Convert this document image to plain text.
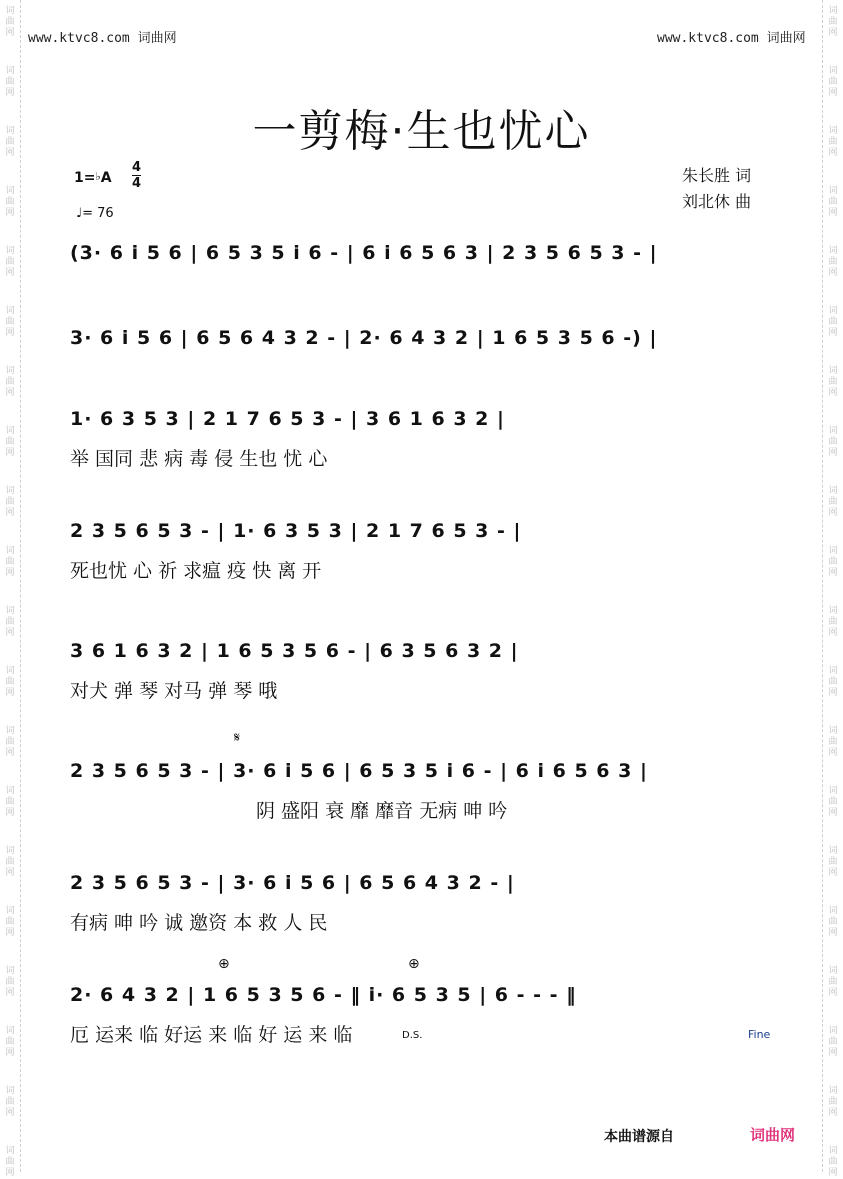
词
曲
网
词
曲
网
词
曲
网
词
曲
网
词
曲
网
词
曲
网
词
曲
网
词
曲
网
词
曲
网
词
曲
网
词
曲
网
词
曲
网
词
曲
网
词
曲
网
词
曲
网
词
曲
网
词
曲
网
词
曲
网
词
曲
网
词
曲
网
词
曲
网
词
曲
网
词
曲
网
词
曲
网
词
曲
网
词
曲
网
词
曲
网
词
曲
网
词
曲
网
词
曲
网
词
曲
网
词
曲
网
词
曲
网
词
曲
网
词
曲
网
词
曲
网
词
曲
网
词
曲
网
词
曲
网
词
曲
网
www.ktvc8.com 词曲网	www.ktvc8.com 词曲网
一剪梅·生也忧心
1=♭A
4
4
♩= 76
朱长胜 词
刘北休 曲
(3· 6 i 5 6 | 6 5 3 5 i 6 - | 6 i 6 5 6 3 | 2 3 5 6 5 3 - |
3· 6 i 5 6 | 6 5 6 4 3 2 - | 2· 6 4 3 2 | 1 6 5 3 5 6 -) |
1· 6 3 5 3 | 2 1 7 6 5 3 - | 3 6 1 6 3 2 |
举 国同 悲 病 毒 侵 生也 忧 心
2 3 5 6 5 3 - | 1· 6 3 5 3 | 2 1 7 6 5 3 - |
死也忧 心 祈 求瘟 疫 快 离 开
3 6 1 6 3 2 | 1 6 5 3 5 6 - | 6 3 5 6 3 2 |
对犬 弹 琴 对马 弹 琴 哦
𝄋
2 3 5 6 5 3 - | 3· 6 i 5 6 | 6 5 3 5 i 6 - | 6 i 6 5 6 3 |
阴 盛阳 衰 靡 靡音 无病 呻 吟
2 3 5 6 5 3 - | 3· 6 i 5 6 | 6 5 6 4 3 2 - |
有病 呻 吟 诚 邀资 本 救 人 民
⊕	⊕
2· 6 4 3 2 | 1 6 5 3 5 6 - ‖ i· 6 5 3 5 | 6 - - - ‖
厄 运来 临 好运 来 临 好 运 来 临	D.S.	Fine
本曲谱源自	词曲网
